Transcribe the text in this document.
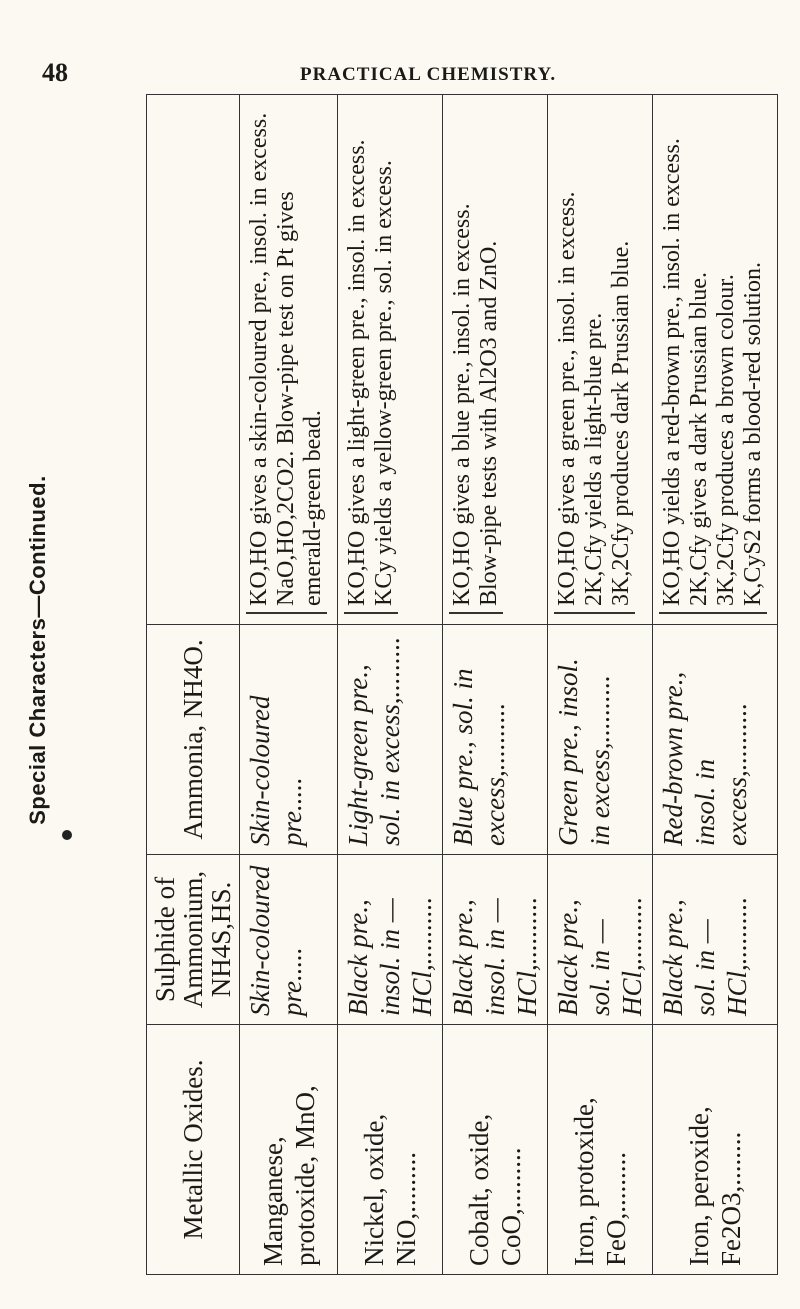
48	PRACTICAL CHEMISTRY.
Special Characters—Continued.
Metallic Oxides.	Sulphide of Ammonium, NH4S,HS.	Ammonia, NH4O.	
Manganese, protoxide, MnO,	Skin-coloured pre.....	Skin-coloured pre.....	KO,HO gives a skin-coloured pre., insol. in excess. NaO,HO,2CO2. Blow-pipe test on Pt gives emerald-green bead.

Nickel, oxide, NiO,.........	Black pre., insol. in —HCl,..........	Light-green pre., sol. in excess,.........	KO,HO gives a light-green pre., insol. in excess. KCy yields a yellow-green pre., sol. in excess.

Cobalt, oxide, CoO,.........	Black pre., insol. in —HCl,..........	Blue pre., sol. in excess,..........	KO,HO gives a blue pre., insol. in excess. Blow-pipe tests with Al2O3 and ZnO.

Iron, protoxide, FeO,.........	Black pre., sol. in —HCl,..........	Green pre., insol. in excess,..........	KO,HO gives a green pre., insol. in excess. 2K,Cfy yields a light-blue pre. 3K,2Cfy produces dark Prussian blue.

Iron, peroxide, Fe2O3,........	Black pre., sol. in —HCl,..........	Red-brown pre., insol. in excess,..........	KO,HO yields a red-brown pre., insol. in excess. 2K,Cfy gives a dark Prussian blue. 3K,2Cfy produces a brown colour. K,CyS2 forms a blood-red solution.
